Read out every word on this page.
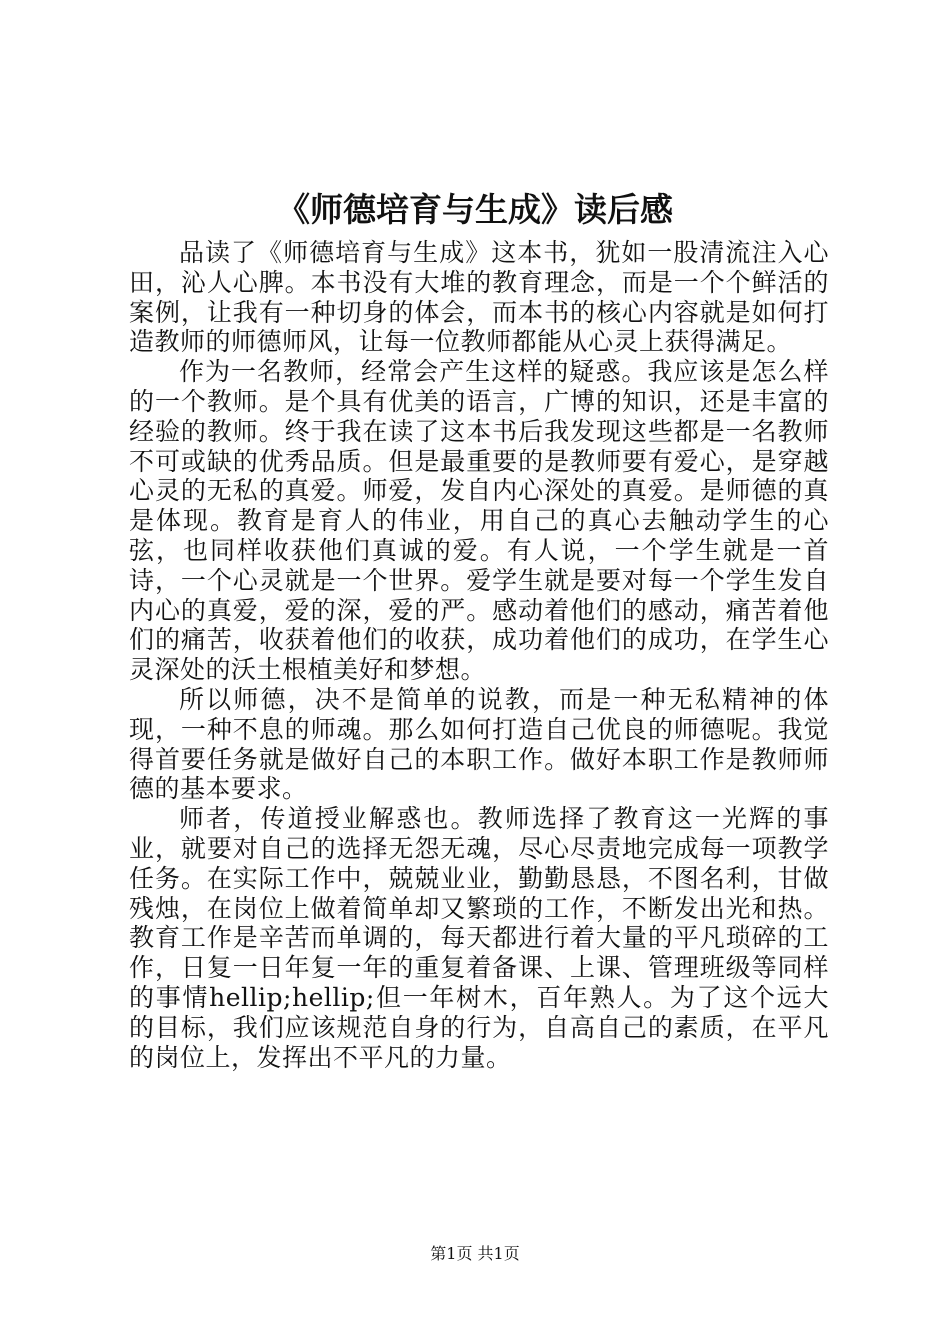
《师德培育与生成》读后感

品读了《师德培育与生成》这本书，犹如一股清流注入心田，沁人心脾。本书没有大堆的教育理念，而是一个个鲜活的案例，让我有一种切身的体会，而本书的核心内容就是如何打造教师的师德师风，让每一位教师都能从心灵上获得满足。

作为一名教师，经常会产生这样的疑惑。我应该是怎么样的一个教师。是个具有优美的语言，广博的知识，还是丰富的经验的教师。终于我在读了这本书后我发现这些都是一名教师不可或缺的优秀品质。但是最重要的是教师要有爱心，是穿越心灵的无私的真爱。师爱，发自内心深处的真爱。是师德的真是体现。教育是育人的伟业，用自己的真心去触动学生的心弦，也同样收获他们真诚的爱。有人说，一个学生就是一首诗，一个心灵就是一个世界。爱学生就是要对每一个学生发自内心的真爱，爱的深，爱的严。感动着他们的感动，痛苦着他们的痛苦，收获着他们的收获，成功着他们的成功，在学生心灵深处的沃土根植美好和梦想。

所以师德，决不是简单的说教，而是一种无私精神的体现，一种不息的师魂。那么如何打造自己优良的师德呢。我觉得首要任务就是做好自己的本职工作。做好本职工作是教师师德的基本要求。

师者，传道授业解惑也。教师选择了教育这一光辉的事业，就要对自己的选择无怨无魂，尽心尽责地完成每一项教学任务。在实际工作中，兢兢业业，勤勤恳恳，不图名利，甘做残烛，在岗位上做着简单却又繁琐的工作，不断发出光和热。教育工作是辛苦而单调的，每天都进行着大量的平凡琐碎的工作，日复一日年复一年的重复着备课、上课、管理班级等同样的事情hellip;hellip;但一年树木，百年熟人。为了这个远大的目标，我们应该规范自身的行为，自高自己的素质，在平凡的岗位上，发挥出不平凡的力量。

第1页 共1页
